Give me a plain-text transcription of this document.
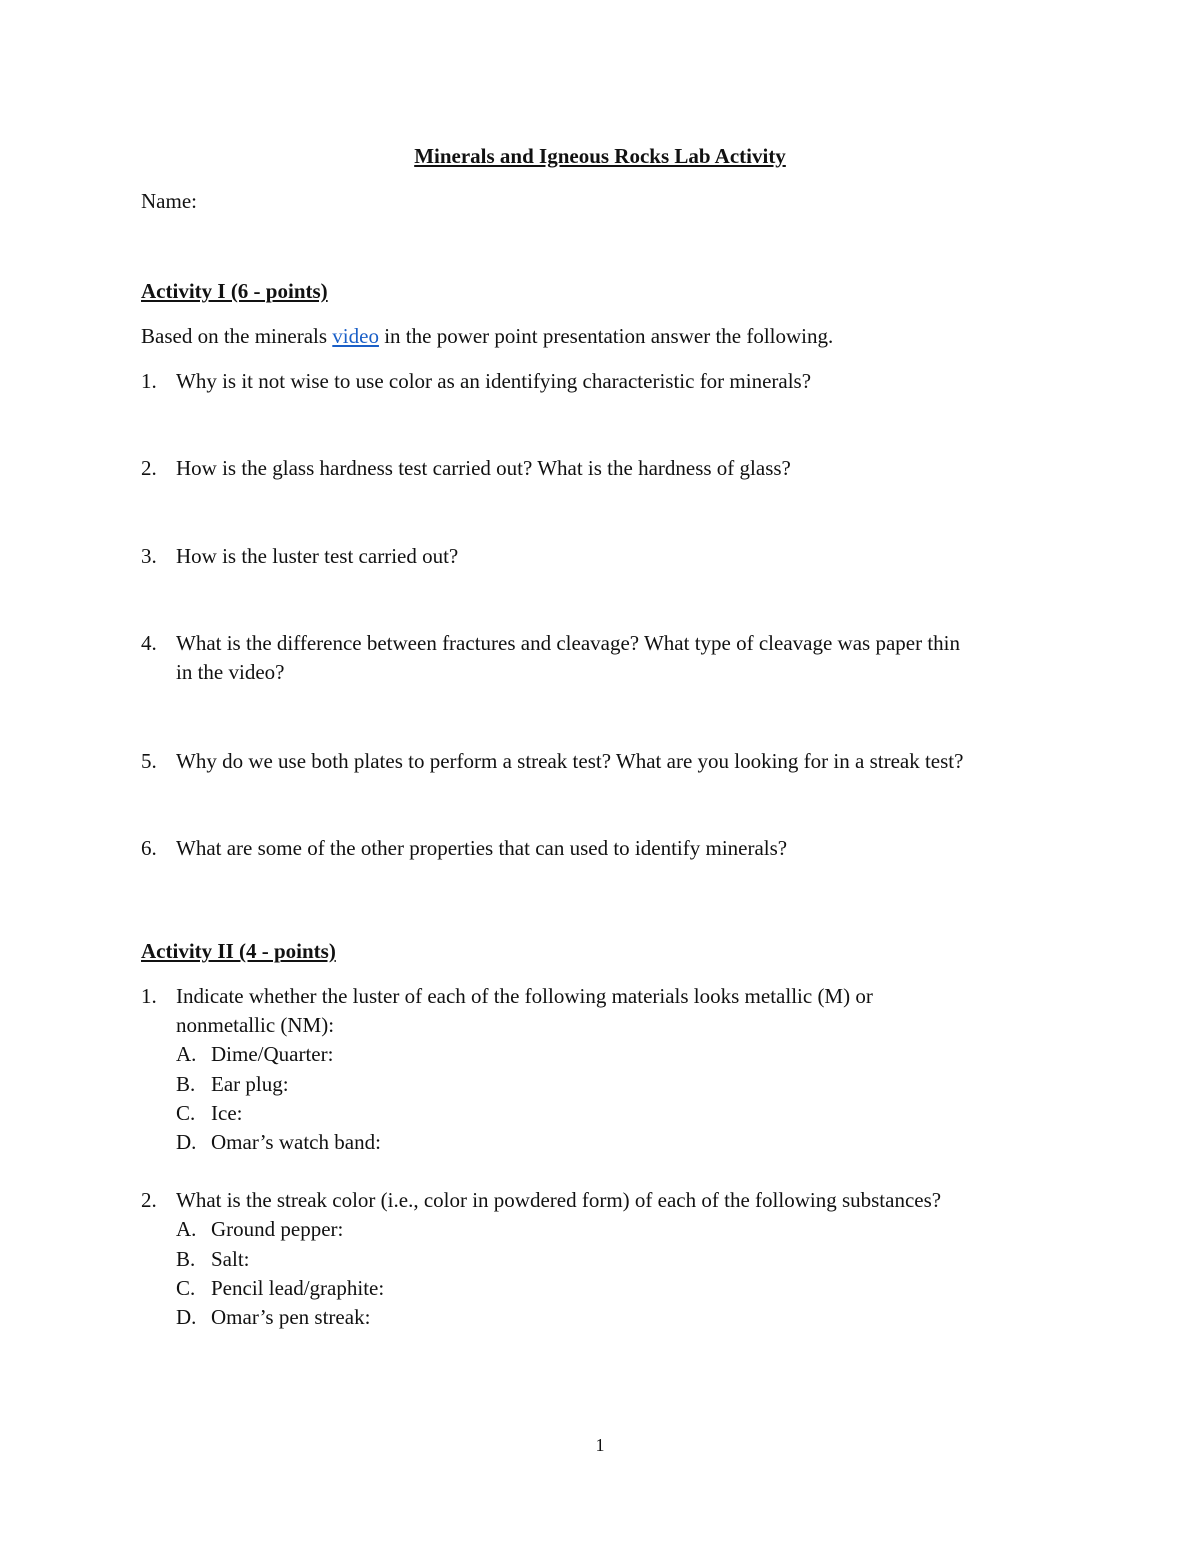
Minerals and Igneous Rocks Lab Activity
Name:
Activity I (6 - points)
Based on the minerals video in the power point presentation answer the following.
1. Why is it not wise to use color as an identifying characteristic for minerals?
2. How is the glass hardness test carried out? What is the hardness of glass?
3. How is the luster test carried out?
4. What is the difference between fractures and cleavage? What type of cleavage was paper thin
in the video?
5. Why do we use both plates to perform a streak test? What are you looking for in a streak test?
6. What are some of the other properties that can used to identify minerals?
Activity II (4 - points)
1. Indicate whether the luster of each of the following materials looks metallic (M) or
nonmetallic (NM):
A. Dime/Quarter:
B. Ear plug:
C. Ice:
D. Omar’s watch band:
2. What is the streak color (i.e., color in powdered form) of each of the following substances?
A. Ground pepper:
B. Salt:
C. Pencil lead/graphite:
D. Omar’s pen streak:
1
